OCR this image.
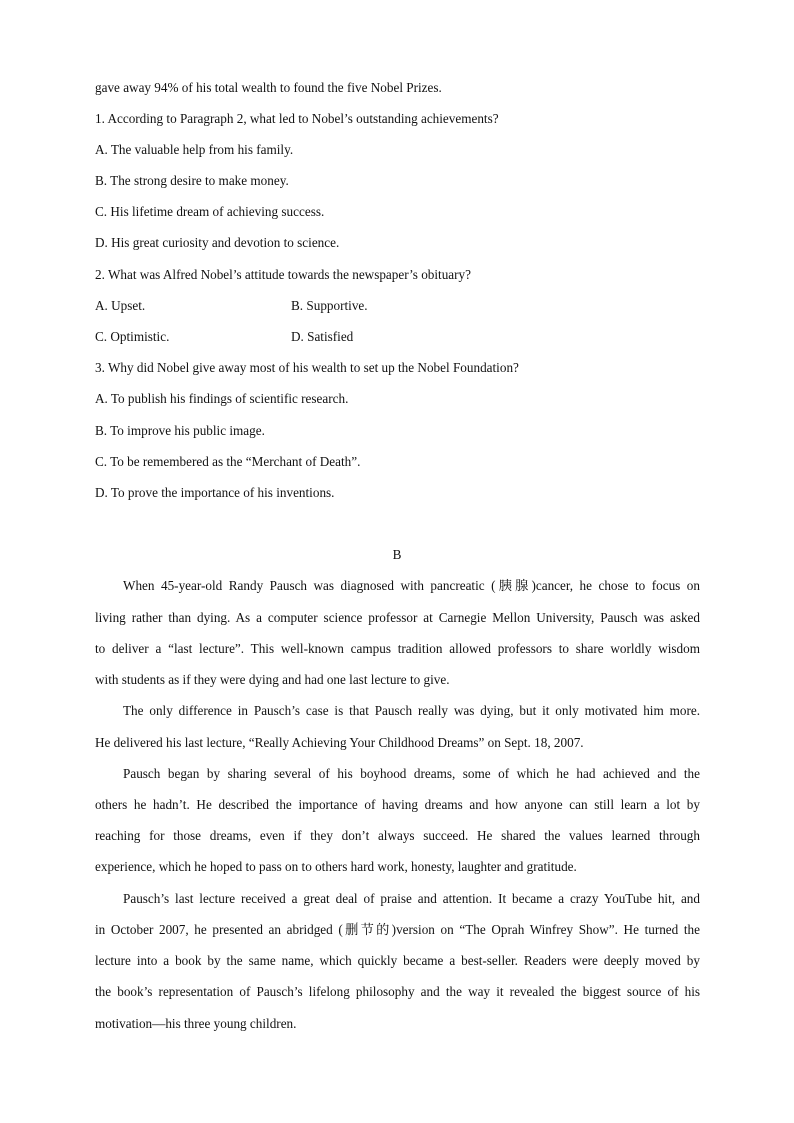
gave away 94% of his total wealth to found the five Nobel Prizes.
1. According to Paragraph 2, what led to Nobel’s outstanding achievements?
A. The valuable help from his family.
B. The strong desire to make money.
C. His lifetime dream of achieving success.
D. His great curiosity and devotion to science.
2. What was Alfred Nobel’s attitude towards the newspaper’s obituary?
A. Upset.	B. Supportive.
C. Optimistic.	D. Satisfied
3. Why did Nobel give away most of his wealth to set up the Nobel Foundation?
A. To publish his findings of scientific research.
B. To improve his public image.
C. To be remembered as the “Merchant of Death”.
D. To prove the importance of his inventions.
B
When 45-year-old Randy Pausch was diagnosed with pancreatic (胰腺)cancer, he chose to focus on
living rather than dying. As a computer science professor at Carnegie Mellon University, Pausch was asked
to deliver a “last lecture”. This well-known campus tradition allowed professors to share worldly wisdom
with students as if they were dying and had one last lecture to give.
The only difference in Pausch’s case is that Pausch really was dying, but it only motivated him more.
He delivered his last lecture, “Really Achieving Your Childhood Dreams” on Sept. 18, 2007.
Pausch began by sharing several of his boyhood dreams, some of which he had achieved and the
others he hadn’t. He described the importance of having dreams and how anyone can still learn a lot by
reaching for those dreams, even if they don’t always succeed. He shared the values learned through
experience, which he hoped to pass on to others hard work, honesty, laughter and gratitude.
Pausch’s last lecture received a great deal of praise and attention. It became a crazy YouTube hit, and
in October 2007, he presented an abridged (删节的)version on “The Oprah Winfrey Show”. He turned the
lecture into a book by the same name, which quickly became a best-seller. Readers were deeply moved by
the book’s representation of Pausch’s lifelong philosophy and the way it revealed the biggest source of his
motivation—his three young children.
